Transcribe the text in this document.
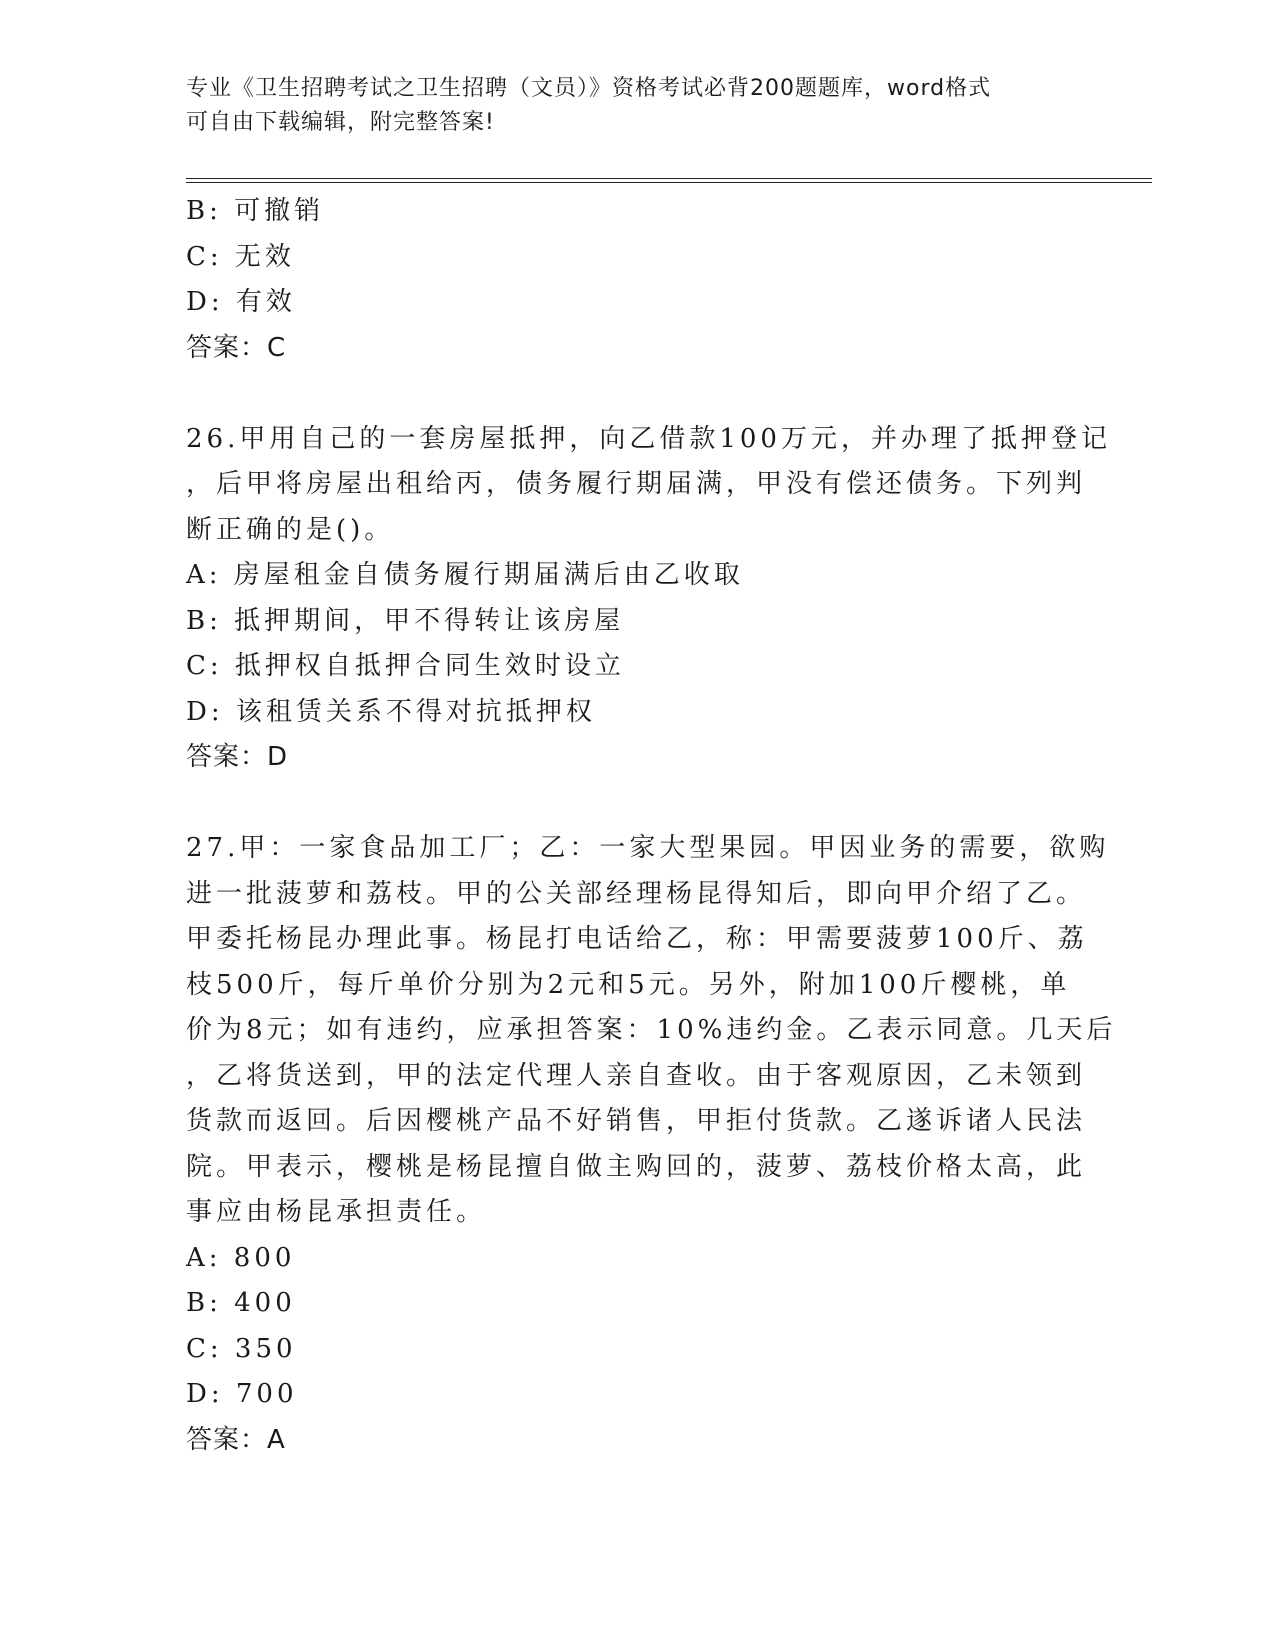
专业《卫生招聘考试之卫生招聘（文员）》资格考试必背200题题库，word格式
可自由下载编辑，附完整答案!
B: 可撤销
C: 无效
D: 有效
答案：C
26.甲用自己的一套房屋抵押，向乙借款100万元，并办理了抵押登记
，后甲将房屋出租给丙，债务履行期届满，甲没有偿还债务。下列判
断正确的是()。
A: 房屋租金自债务履行期届满后由乙收取
B: 抵押期间，甲不得转让该房屋
C: 抵押权自抵押合同生效时设立
D: 该租赁关系不得对抗抵押权
答案：D
27.甲：一家食品加工厂；乙：一家大型果园。甲因业务的需要，欲购
进一批菠萝和荔枝。甲的公关部经理杨昆得知后，即向甲介绍了乙。
甲委托杨昆办理此事。杨昆打电话给乙，称：甲需要菠萝100斤、荔
枝500斤，每斤单价分别为2元和5元。另外，附加100斤樱桃，单
价为8元；如有违约，应承担答案：10%违约金。乙表示同意。几天后
，乙将货送到，甲的法定代理人亲自查收。由于客观原因，乙未领到
货款而返回。后因樱桃产品不好销售，甲拒付货款。乙遂诉诸人民法
院。甲表示，樱桃是杨昆擅自做主购回的，菠萝、荔枝价格太高，此
事应由杨昆承担责任。
A: 800
B: 400
C: 350
D: 700
答案：A
